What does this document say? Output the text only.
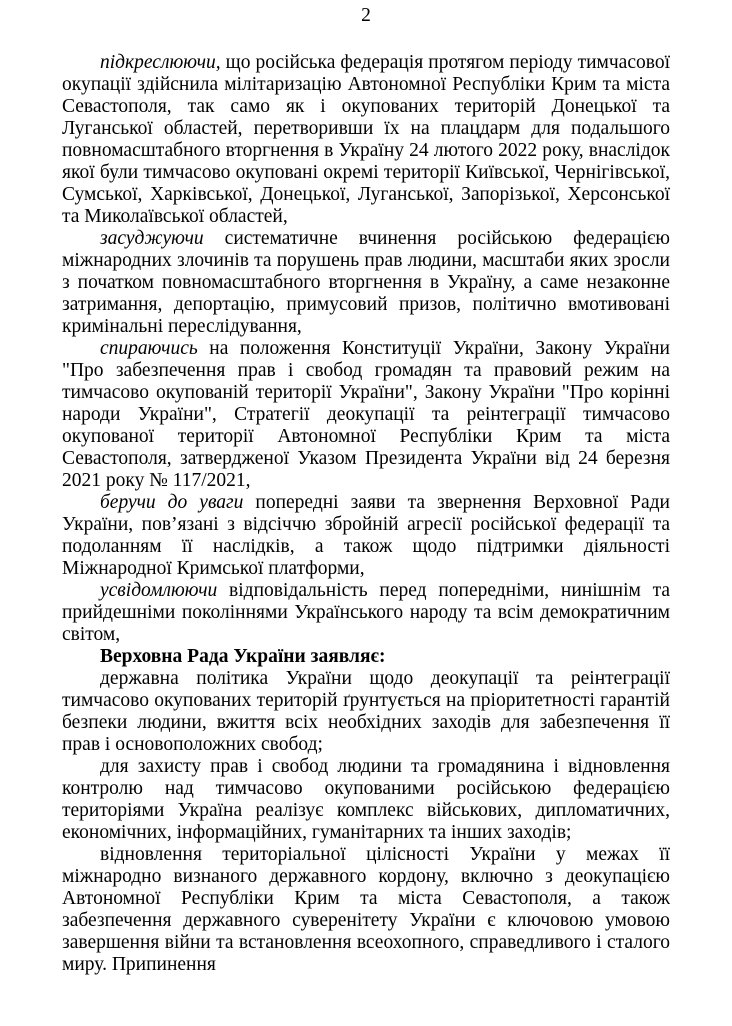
2

підкреслюючи, що російська федерація протягом періоду тимчасової окупації здійснила мілітаризацію Автономної Республіки Крим та міста Севастополя, так само як і окупованих територій Донецької та Луганської областей, перетворивши їх на плацдарм для подальшого повномасштабного вторгнення в Україну 24 лютого 2022 року, внаслідок якої були тимчасово окуповані окремі території Київської, Чернігівської, Сумської, Харківської, Донецької, Луганської, Запорізької, Херсонської та Миколаївської областей,

засуджуючи систематичне вчинення російською федерацією міжнародних злочинів та порушень прав людини, масштаби яких зросли з початком повномасштабного вторгнення в Україну, а саме незаконне затримання, депортацію, примусовий призов, політично вмотивовані кримінальні переслідування,

спираючись на положення Конституції України, Закону України "Про забезпечення прав і свобод громадян та правовий режим на тимчасово окупованій території України", Закону України "Про корінні народи України", Стратегії деокупації та реінтеграції тимчасово окупованої території Автономної Республіки Крим та міста Севастополя, затвердженої Указом Президента України від 24 березня 2021 року № 117/2021,

беручи до уваги попередні заяви та звернення Верховної Ради України, пов’язані з відсіччю збройній агресії російської федерації та подоланням її наслідків, а також щодо підтримки діяльності Міжнародної Кримської платформи,

усвідомлюючи відповідальність перед попередніми, нинішнім та прийдешніми поколіннями Українського народу та всім демократичним світом,

Верховна Рада України заявляє:

державна політика України щодо деокупації та реінтеграції тимчасово окупованих територій ґрунтується на пріоритетності гарантій безпеки людини, вжиття всіх необхідних заходів для забезпечення її прав і основоположних свобод;

для захисту прав і свобод людини та громадянина і відновлення контролю над тимчасово окупованими російською федерацією територіями Україна реалізує комплекс військових, дипломатичних, економічних, інформаційних, гуманітарних та інших заходів;

відновлення територіальної цілісності України у межах її міжнародно визнаного державного кордону, включно з деокупацією Автономної Республіки Крим та міста Севастополя, а також забезпечення державного суверенітету України є ключовою умовою завершення війни та встановлення всеохопного, справедливого і сталого миру. Припинення
